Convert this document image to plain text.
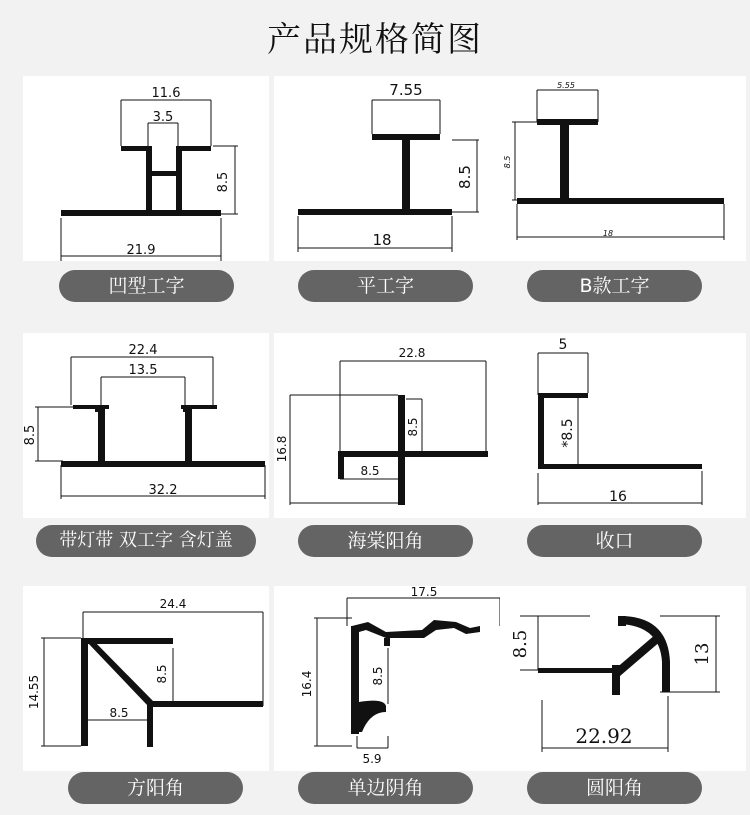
产品规格简图
11.6
3.5
8.5
21.9
凹型工字
7.55
8.5
18
平工字
5.55
8.5
18
B款工字
22.4
13.5
8.5
32.2
带灯带 双工字 含灯盖
22.8
16.8
8.5
8.5
海棠阳角
5
*8.5
16
收口
24.4
14.55
8.5
8.5
方阳角
17.5
16.4	8.5
5.9
单边阴角
8.5	13
22.92
圆阳角
